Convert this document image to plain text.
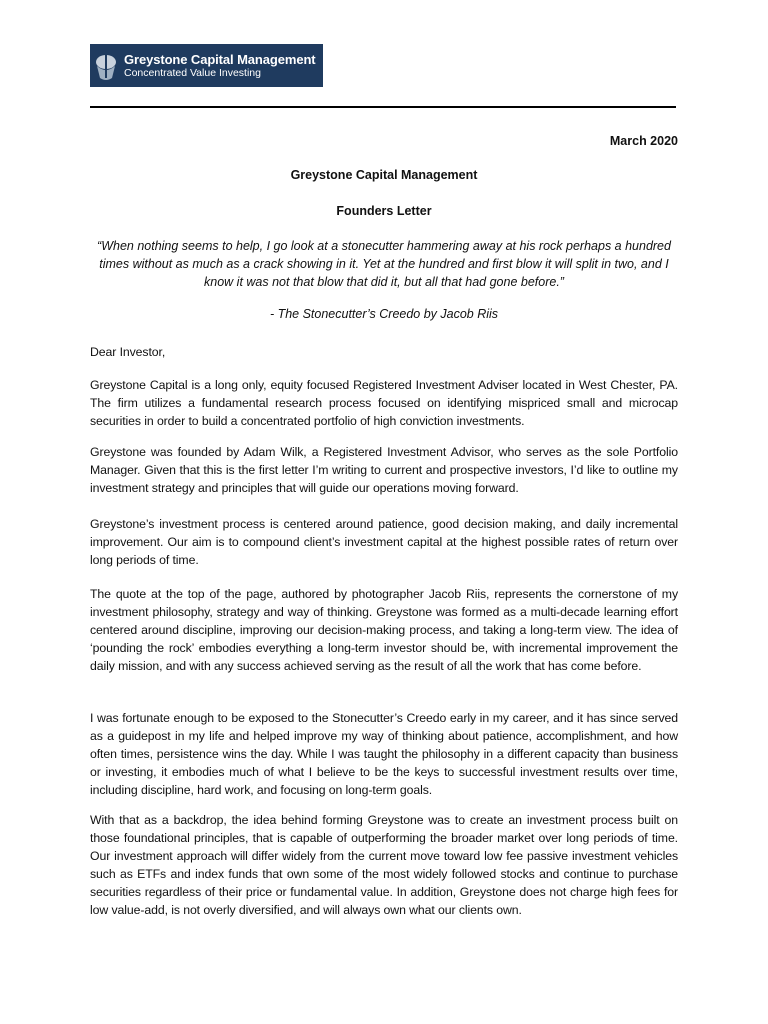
Greystone Capital Management
Concentrated Value Investing
March 2020
Greystone Capital Management
Founders Letter
“When nothing seems to help, I go look at a stonecutter hammering away at his rock perhaps a hundred times without as much as a crack showing in it. Yet at the hundred and first blow it will split in two, and I know it was not that blow that did it, but all that had gone before.”
- The Stonecutter’s Creedo by Jacob Riis
Dear Investor,
Greystone Capital is a long only, equity focused Registered Investment Adviser located in West Chester, PA. The firm utilizes a fundamental research process focused on identifying mispriced small and microcap securities in order to build a concentrated portfolio of high conviction investments.
Greystone was founded by Adam Wilk, a Registered Investment Advisor, who serves as the sole Portfolio Manager. Given that this is the first letter I’m writing to current and prospective investors, I’d like to outline my investment strategy and principles that will guide our operations moving forward.
Greystone’s investment process is centered around patience, good decision making, and daily incremental improvement. Our aim is to compound client’s investment capital at the highest possible rates of return over long periods of time.
The quote at the top of the page, authored by photographer Jacob Riis, represents the cornerstone of my investment philosophy, strategy and way of thinking. Greystone was formed as a multi-decade learning effort centered around discipline, improving our decision-making process, and taking a long-term view. The idea of ‘pounding the rock’ embodies everything a long-term investor should be, with incremental improvement the daily mission, and with any success achieved serving as the result of all the work that has come before.
I was fortunate enough to be exposed to the Stonecutter’s Creedo early in my career, and it has since served as a guidepost in my life and helped improve my way of thinking about patience, accomplishment, and how often times, persistence wins the day. While I was taught the philosophy in a different capacity than business or investing, it embodies much of what I believe to be the keys to successful investment results over time, including discipline, hard work, and focusing on long-term goals.
With that as a backdrop, the idea behind forming Greystone was to create an investment process built on those foundational principles, that is capable of outperforming the broader market over long periods of time. Our investment approach will differ widely from the current move toward low fee passive investment vehicles such as ETFs and index funds that own some of the most widely followed stocks and continue to purchase securities regardless of their price or fundamental value. In addition, Greystone does not charge high fees for low value-add, is not overly diversified, and will always own what our clients own.
